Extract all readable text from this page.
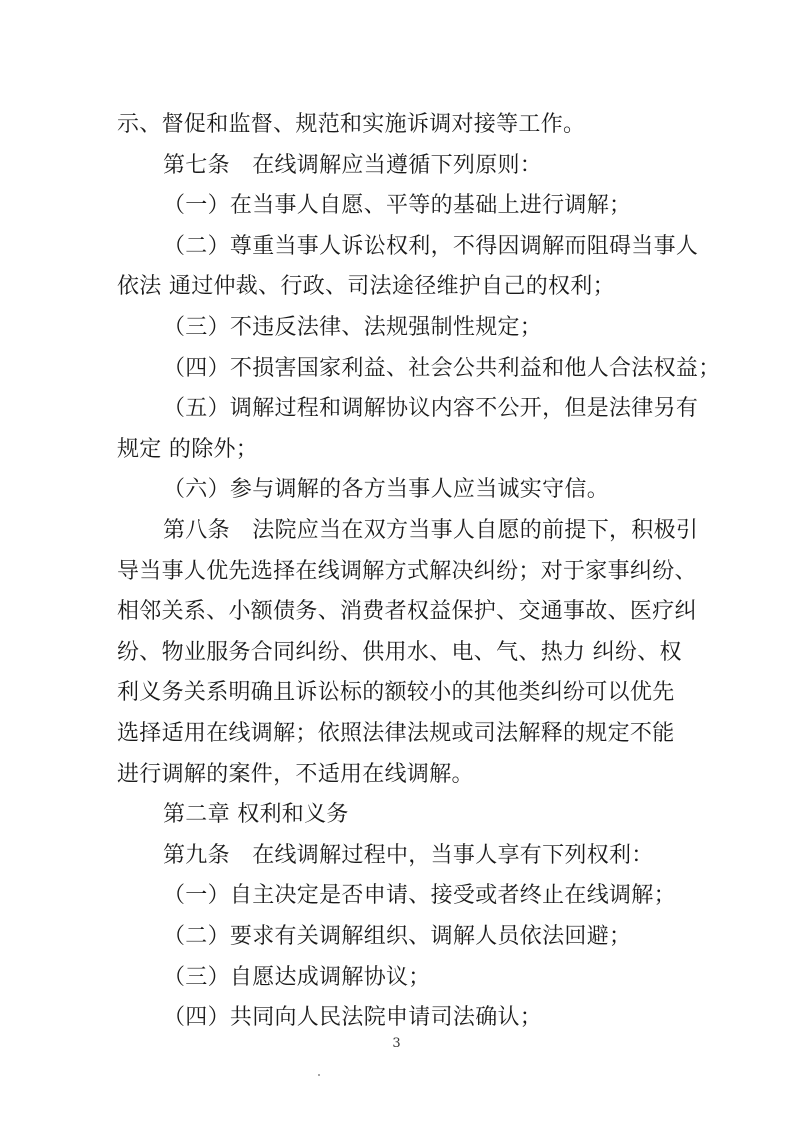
示、督促和监督、规范和实施诉调对接等工作。
第七条　在线调解应当遵循下列原则：
（一）在当事人自愿、平等的基础上进行调解；
（二）尊重当事人诉讼权利，不得因调解而阻碍当事人
依法 通过仲裁、行政、司法途径维护自己的权利；
（三）不违反法律、法规强制性规定；
（四）不损害国家利益、社会公共利益和他人合法权益；
（五）调解过程和调解协议内容不公开，但是法律另有
规定 的除外；
（六）参与调解的各方当事人应当诚实守信。
第八条　法院应当在双方当事人自愿的前提下，积极引
导当事人优先选择在线调解方式解决纠纷；对于家事纠纷、
相邻关系、小额债务、消费者权益保护、交通事故、医疗纠
纷、物业服务合同纠纷、供用水、电、气、热力 纠纷、权
利义务关系明确且诉讼标的额较小的其他类纠纷可以优先
选择适用在线调解；依照法律法规或司法解释的规定不能
进行调解的案件，不适用在线调解。
第二章 权利和义务
第九条　在线调解过程中，当事人享有下列权利：
（一）自主决定是否申请、接受或者终止在线调解；
（二）要求有关调解组织、调解人员依法回避；
（三）自愿达成调解协议；
（四）共同向人民法院申请司法确认；
3
